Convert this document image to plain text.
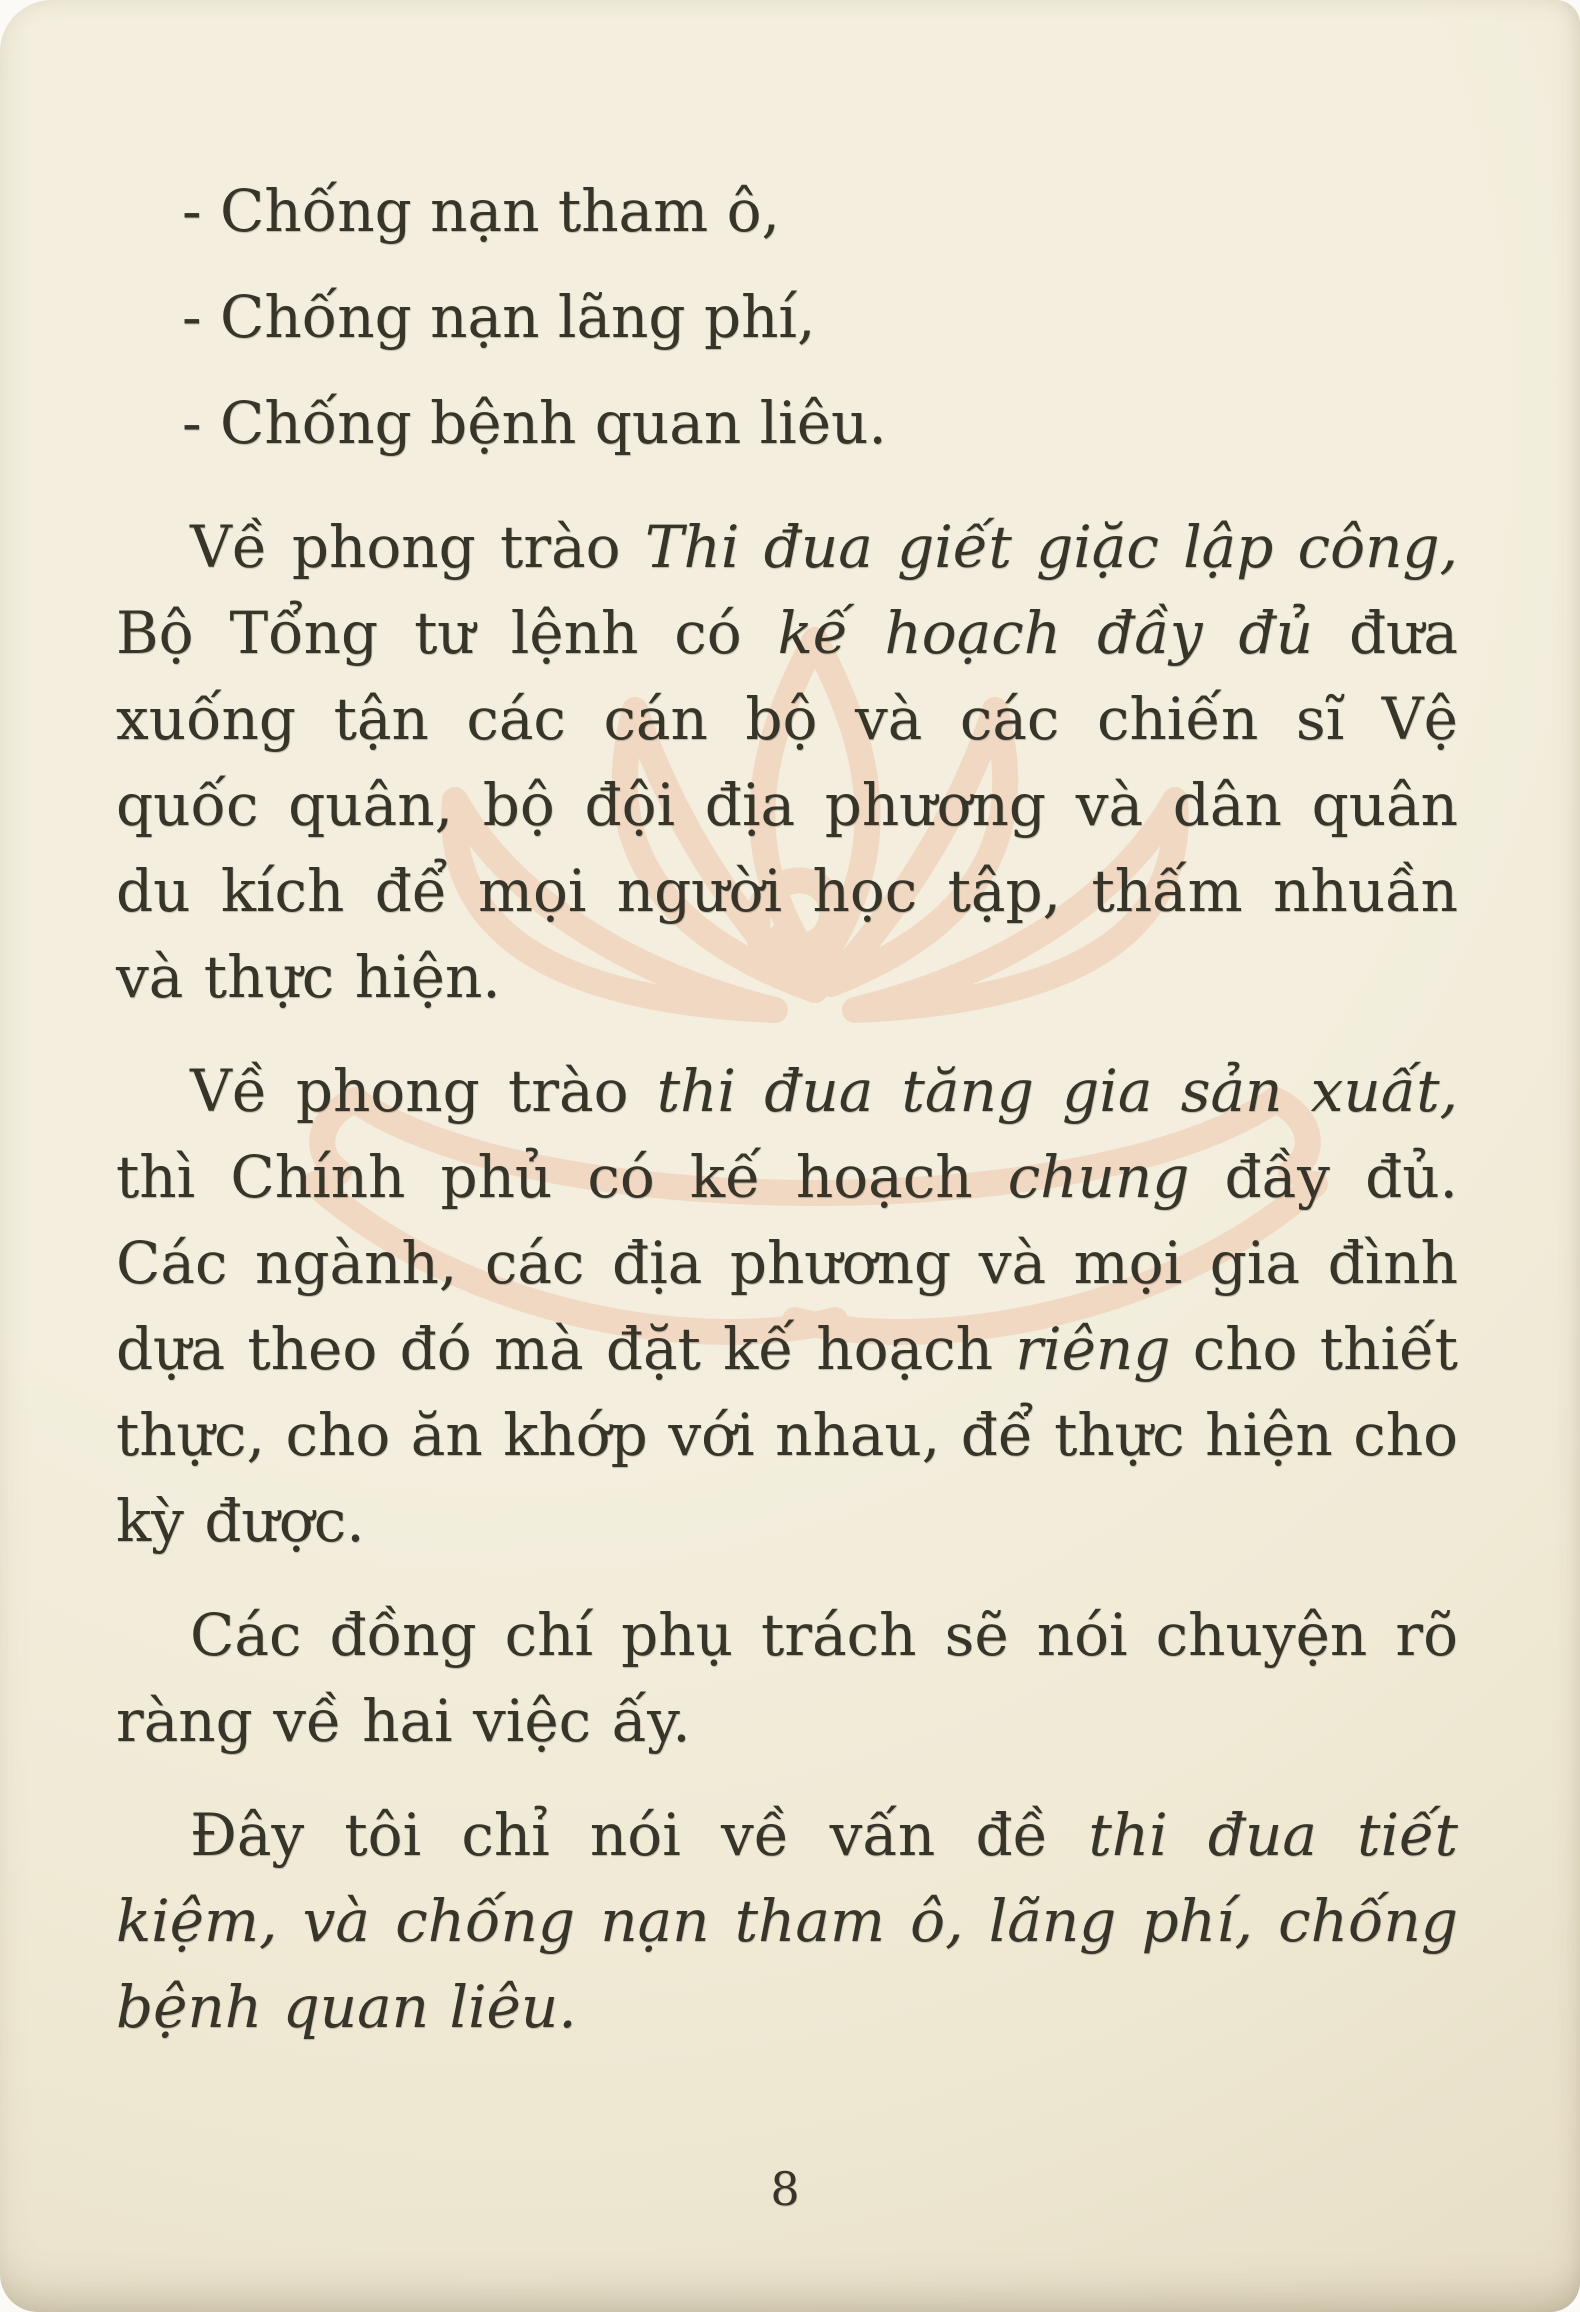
- Chống nạn tham ô,
- Chống nạn lãng phí,
- Chống bệnh quan liêu.

Về phong trào Thi đua giết giặc lập công, Bộ Tổng tư lệnh có kế hoạch đầy đủ đưa xuống tận các cán bộ và các chiến sĩ Vệ quốc quân, bộ đội địa phương và dân quân du kích để mọi người học tập, thấm nhuần và thực hiện.

Về phong trào thi đua tăng gia sản xuất, thì Chính phủ có kế hoạch chung đầy đủ. Các ngành, các địa phương và mọi gia đình dựa theo đó mà đặt kế hoạch riêng cho thiết thực, cho ăn khớp với nhau, để thực hiện cho kỳ được.

Các đồng chí phụ trách sẽ nói chuyện rõ ràng về hai việc ấy.

Đây tôi chỉ nói về vấn đề thi đua tiết kiệm, và chống nạn tham ô, lãng phí, chống bệnh quan liêu.

8
